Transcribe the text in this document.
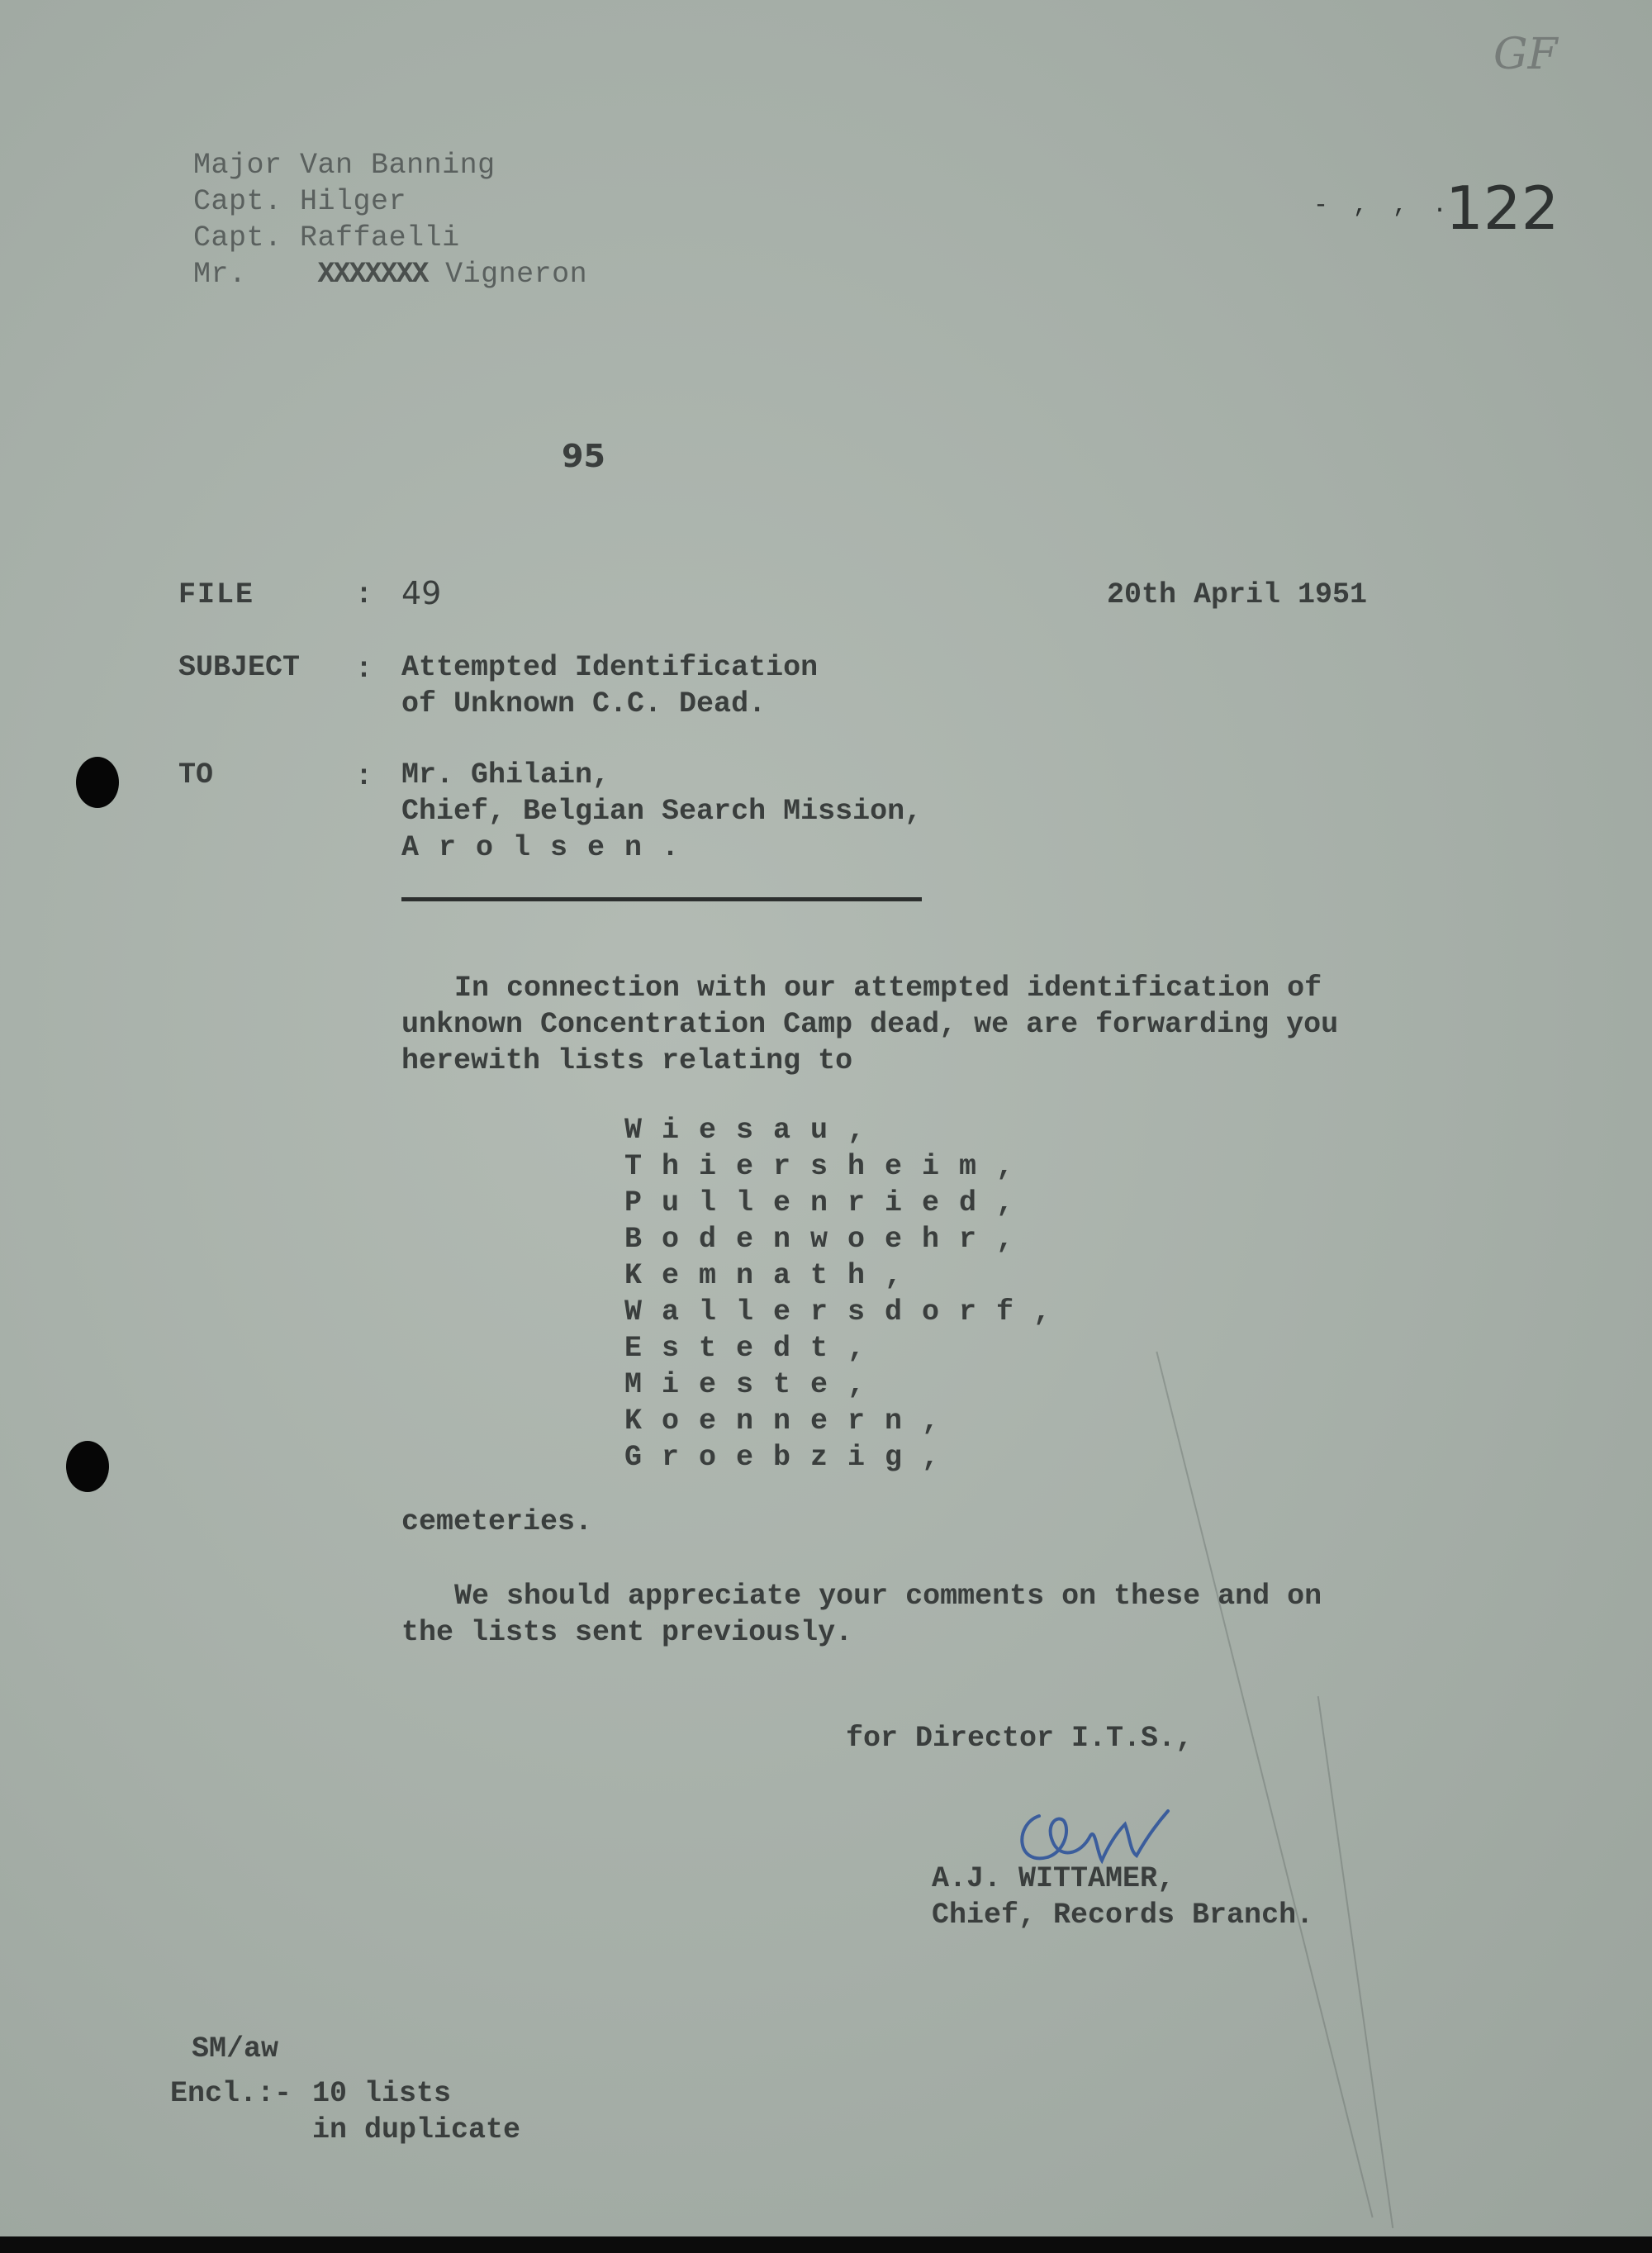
GF
- , , .
122
Major Van Banning
Capt. Hilger
Capt. Raffaelli
Mr. XXXXXXX Vigneron
95
FILE	: 49	20th April 1951
SUBJECT : Attempted Identification
of Unknown C.C. Dead.
TO	: Mr. Ghilain,
Chief, Belgian Search Mission,
Arolsen.
In connection with our attempted identification of
unknown Concentration Camp dead, we are forwarding you
herewith lists relating to
Wiesau,
Thiersheim,
Pullenried,
Bodenwoehr,
Kemnath,
Wallersdorf,
Estedt,
Mieste,
Koennern,
Groebzig,
cemeteries.
We should appreciate your comments on these and on
the lists sent previously.
for Director I.T.S.,

A.J. WITTAMER,
Chief, Records Branch.
SM/aw
Encl.:- 10 lists
in duplicate
